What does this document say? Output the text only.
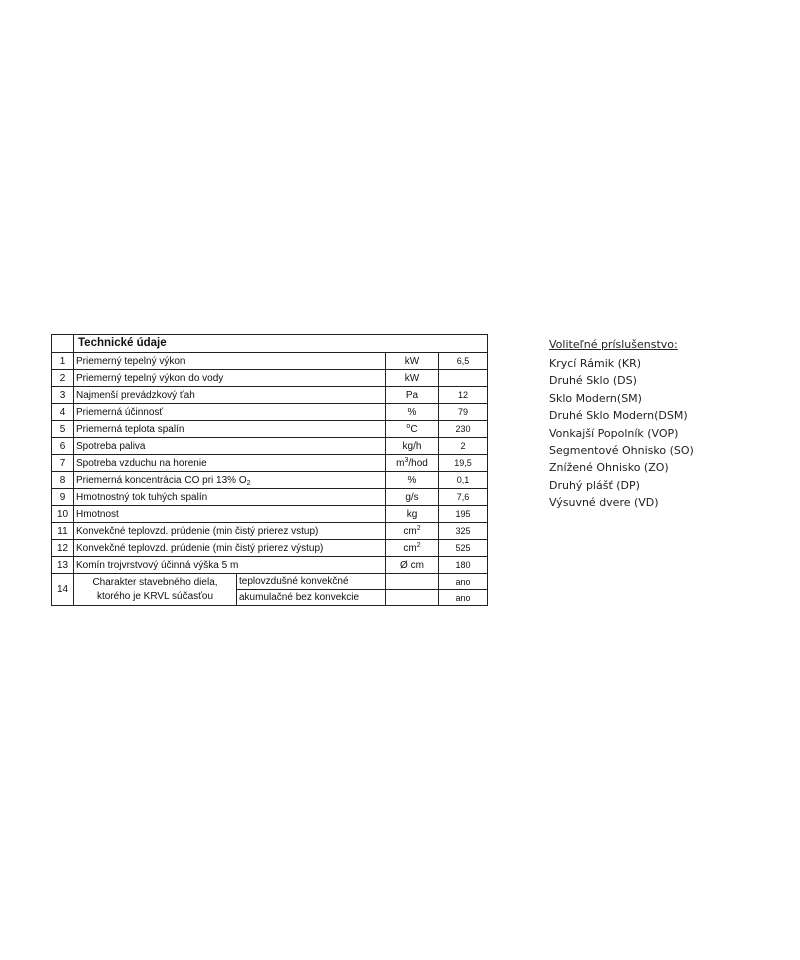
	Technické údaje			
1	Priemerný tepelný výkon		kW	6,5
2	Priemerný tepelný výkon do vody		kW	
3	Najmenší prevádzkový ťah		Pa	12
4	Priemerná účinnosť		%	79
5	Priemerná teplota spalín		$^o$C	230
6	Spotreba paliva		kg/h	2
7	Spotreba vzduchu na horenie		$m^3$/hod	19,5
8	Priemerná koncentrácia CO pri 13% $O_2$		%	0,1
9	Hmotnostný tok tuhých spalín		g/s	7,6
10	Hmotnost		kg	195
11	Konvekčné teplovzd. prúdenie (min čistý prierez vstup)		$cm^2$	325
12	Konvekčné teplovzd. prúdenie (min čistý prierez výstup)		$cm^2$	525
13	Komín trojvrstvový účinná výška 5 m		Ø cm	180
14	Charakter stavebného diela,
ktorého je KRVL súčasťou	teplovzdušné konvekčné		ano
		akumulačné bez konvekcie		ano
Voliteľné príslušenstvo:
Krycí Rámik (KR)
Druhé Sklo (DS)
Sklo Modern(SM)
Druhé Sklo Modern(DSM)
Vonkajší Popolník (VOP)
Segmentové Ohnisko (SO)
Znížené Ohnisko (ZO)
Druhý plášť (DP)
Výsuvné dvere (VD)
